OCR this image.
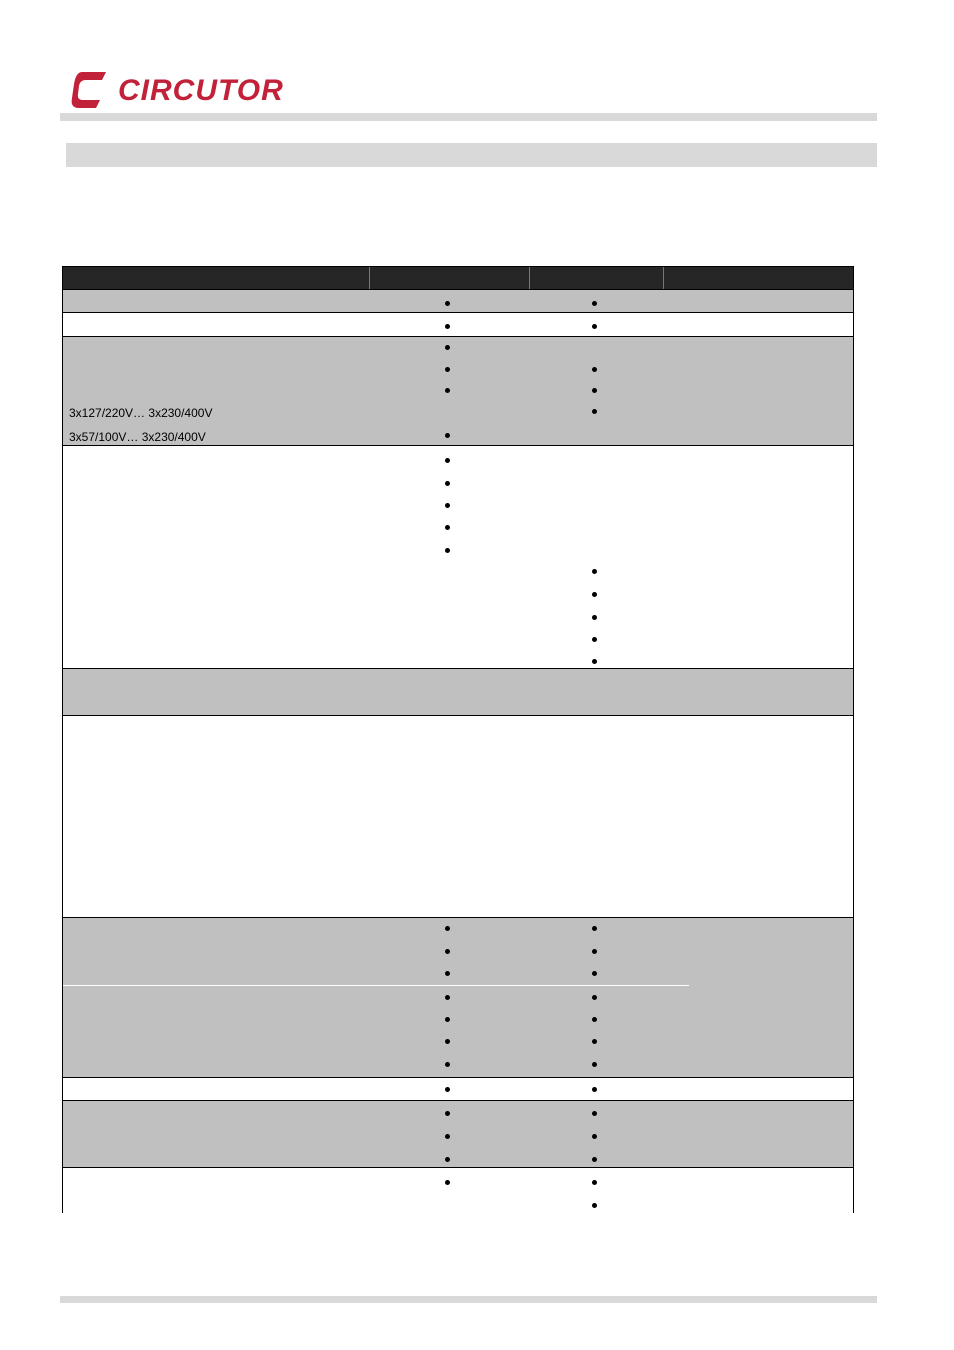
CIRCUTOR
3x127/220V… 3x230/400V
3x57/100V… 3x230/400V
